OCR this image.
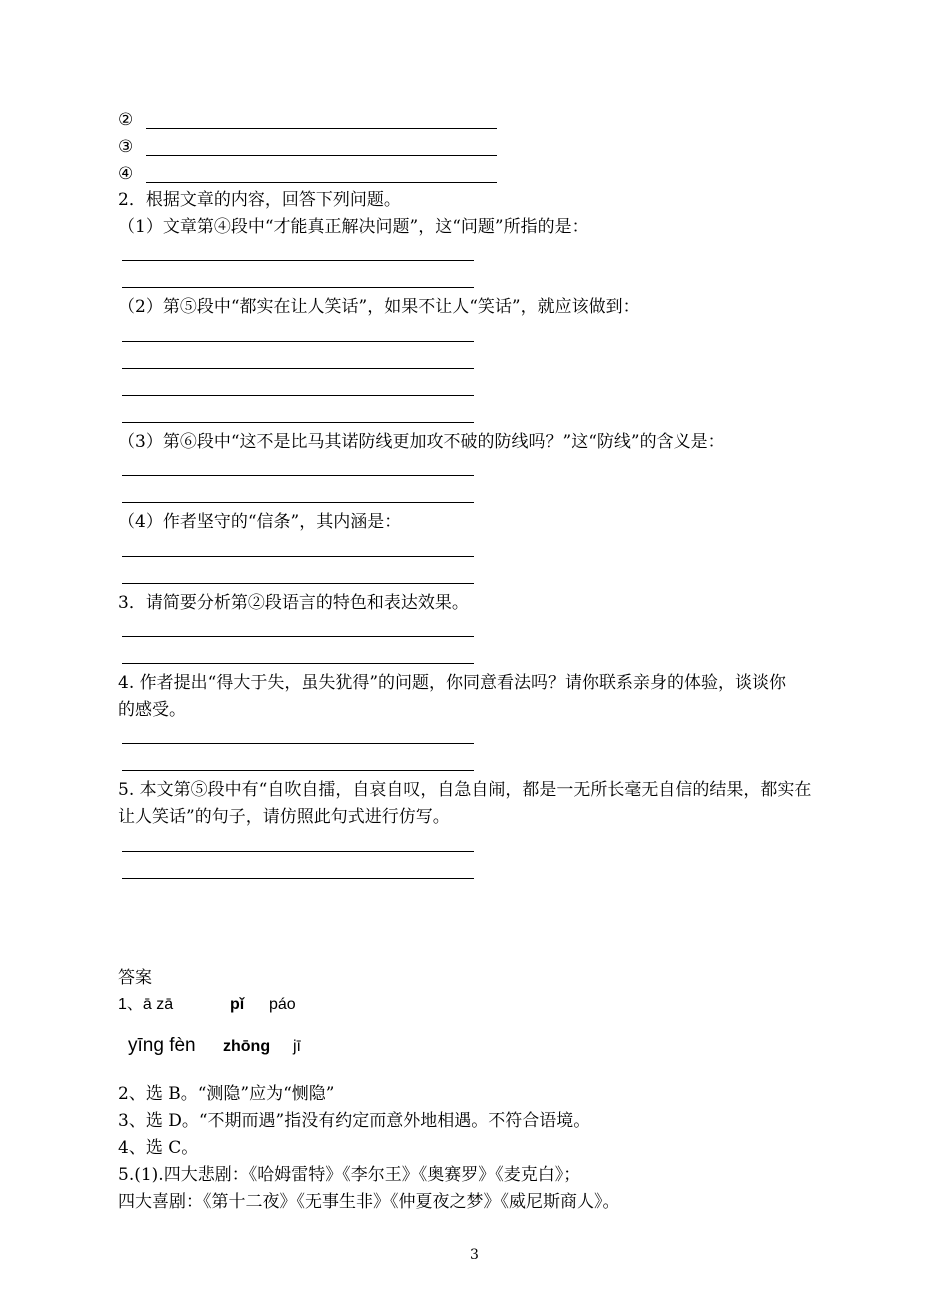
②
③
④
2．根据文章的内容，回答下列问题。
（1）文章第④段中“才能真正解决问题”，这“问题”所指的是：
（2）第⑤段中“都实在让人笑话”，如果不让人“笑话”，就应该做到：
（3）第⑥段中“这不是比马其诺防线更加攻不破的防线吗？”这“防线”的含义是：
（4）作者坚守的“信条”，其内涵是：
3．请简要分析第②段语言的特色和表达效果。
4. 作者提出“得大于失，虽失犹得”的问题，你同意看法吗？请你联系亲身的体验，谈谈你
的感受。
5. 本文第⑤段中有“自吹自擂，自哀自叹，自急自闹，都是一无所长毫无自信的结果，都实在
让人笑话”的句子，请仿照此句式进行仿写。
答案
1、ā zā	pǐ páo
yīng fèn zhōng jī
2、选 B。“测隐”应为“恻隐”
3、选 D。“不期而遇”指没有约定而意外地相遇。不符合语境。
4、选 C。
5.(1).四大悲剧：《哈姆雷特》《李尔王》《奥赛罗》《麦克白》；
四大喜剧：《第十二夜》《无事生非》《仲夏夜之梦》《威尼斯商人》。
3
